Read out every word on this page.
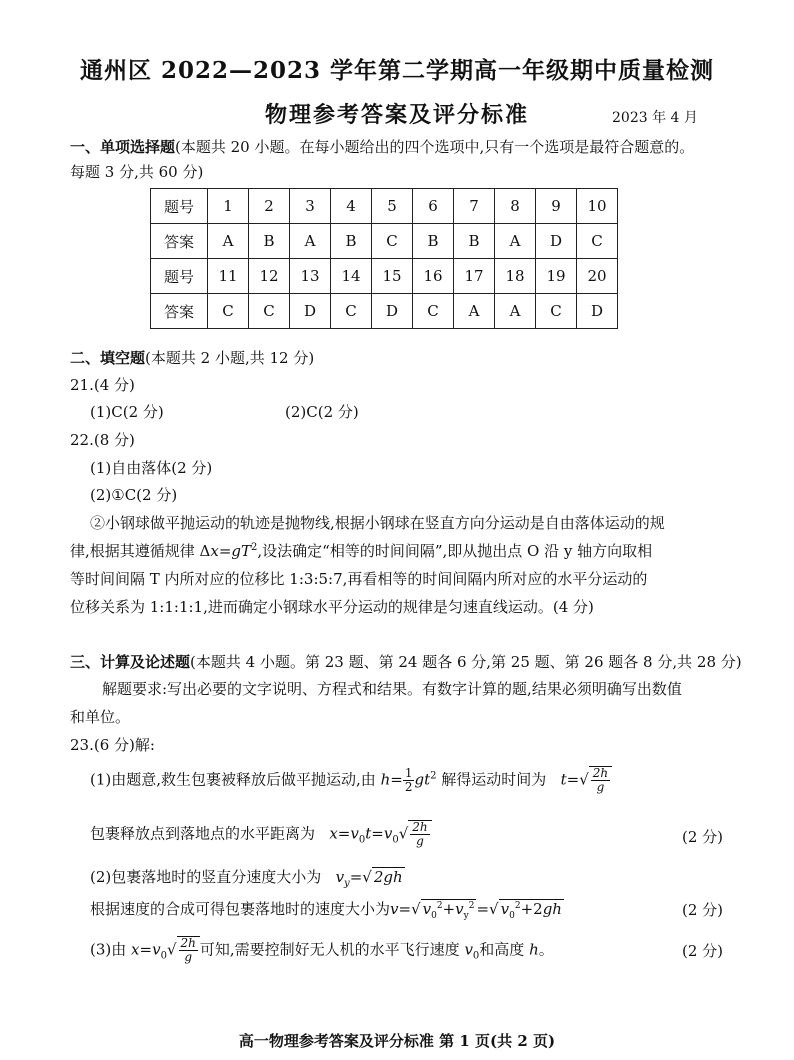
通州区 2022—2023 学年第二学期高一年级期中质量检测
物理参考答案及评分标准	2023 年 4 月
一、单项选择题(本题共 20 小题。在每小题给出的四个选项中,只有一个选项是最符合题意的。
每题 3 分,共 60 分)
题号	1	2	3	4	5	6	7	8	9	10
答案	A	B	A	B	C	B	B	A	D	C
题号	11	12	13	14	15	16	17	18	19	20
答案	C	C	D	C	D	C	A	A	C	D
二、填空题(本题共 2 小题,共 12 分)
21.(4 分)
(1)C(2 分)	(2)C(2 分)
22.(8 分)
(1)自由落体(2 分)
(2)①C(2 分)
②小钢球做平抛运动的轨迹是抛物线,根据小钢球在竖直方向分运动是自由落体运动的规
律,根据其遵循规律 $\Delta x=gT^2$,设法确定“相等的时间间隔”,即从抛出点 O 沿 y 轴方向取相
等时间间隔 T 内所对应的位移比 1:3:5:7,再看相等的时间间隔内所对应的水平分运动的
位移关系为 1:1:1:1,进而确定小钢球水平分运动的规律是匀速直线运动。(4 分)
三、计算及论述题(本题共 4 小题。第 23 题、第 24 题各 6 分,第 25 题、第 26 题各 8 分,共 28 分)
解题要求:写出必要的文字说明、方程式和结果。有数字计算的题,结果必须明确写出数值
和单位。
23.(6 分)解:
(1)由题意,救生包裹被释放后做平抛运动,由 $h= \frac{1}{2} gt^2$ 解得运动时间为 $t=√ \frac{2h}{g}$
包裹释放点到落地点的水平距离为 $x=v_0t=v_0√ \frac{2h}{g}$	(2 分)
(2)包裹落地时的竖直分速度大小为 $v_y=√$ 2gh
根据速度的合成可得包裹落地时的速度大小为v=√ $v_0^2+v_y^2$ =√ $v_0^2+2gh$	(2 分)
(3)由 $x=v_0√ \frac{2h}{g}$ 可知,需要控制好无人机的水平飞行速度 $v_0$和高度 h。	(2 分)
高一物理参考答案及评分标准 第 1 页(共 2 页)
